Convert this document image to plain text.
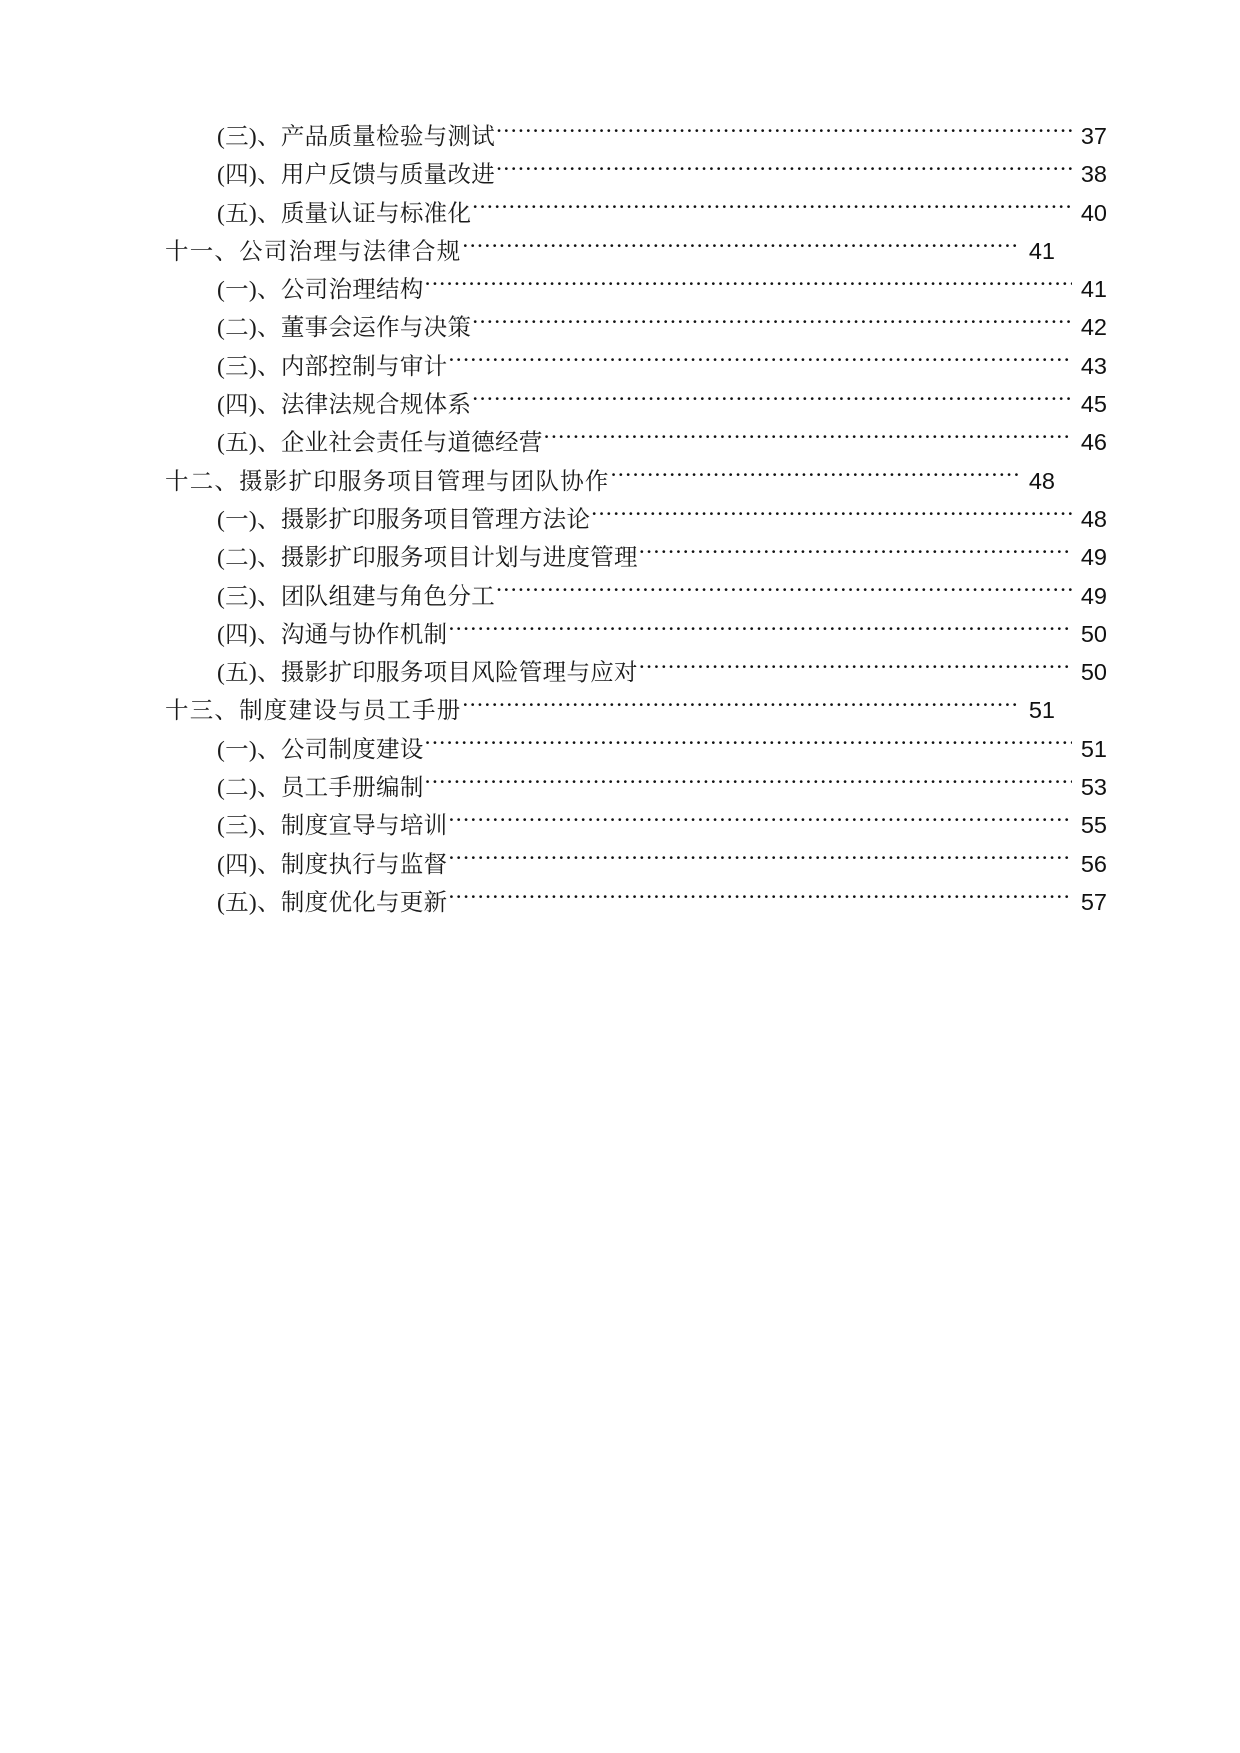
(三)、产品质量检验与测试 .....	37
(四)、用户反馈与质量改进 .....	38
(五)、质量认证与标准化 .....	40
十一、公司治理与法律合规 .....	41
(一)、公司治理结构 .....	41
(二)、董事会运作与决策 .....	42
(三)、内部控制与审计 .....	43
(四)、法律法规合规体系 .....	45
(五)、企业社会责任与道德经营 .....	46
十二、摄影扩印服务项目管理与团队协作 .....	48
(一)、摄影扩印服务项目管理方法论 .....	48
(二)、摄影扩印服务项目计划与进度管理 .....	49
(三)、团队组建与角色分工 .....	49
(四)、沟通与协作机制 .....	50
(五)、摄影扩印服务项目风险管理与应对 .....	50
十三、制度建设与员工手册 .....	51
(一)、公司制度建设 .....	51
(二)、员工手册编制 .....	53
(三)、制度宣导与培训 .....	55
(四)、制度执行与监督 .....	56
(五)、制度优化与更新 .....	57
